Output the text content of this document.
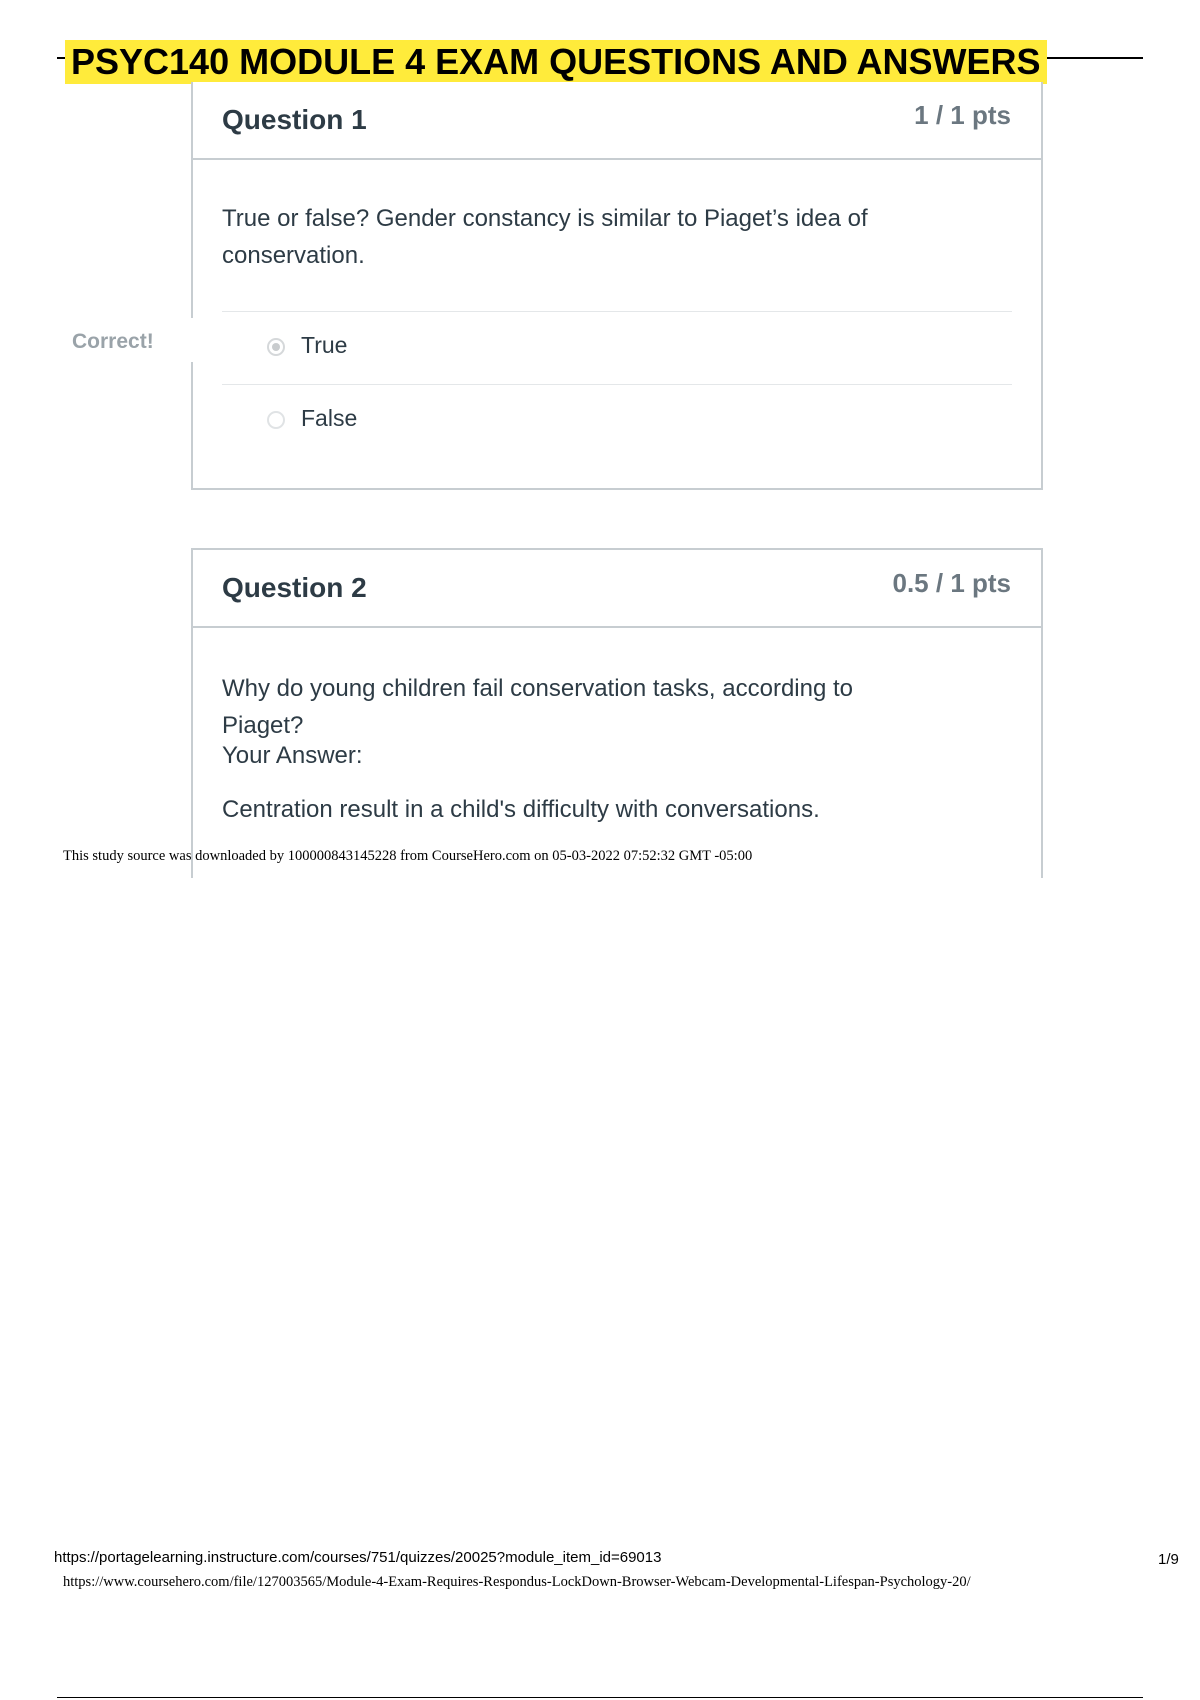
PSYC140 MODULE 4 EXAM QUESTIONS AND ANSWERS
Question 1	1 / 1 pts
True or false? Gender constancy is similar to Piaget’s idea of conservation.
True
False
Correct!
Question 2	0.5 / 1 pts
Why do young children fail conservation tasks, according to Piaget?
Your Answer:
Centration result in a child's difficulty with conversations.
This study source was downloaded by 100000843145228 from CourseHero.com on 05-03-2022 07:52:32 GMT -05:00
https://portagelearning.instructure.com/courses/751/quizzes/20025?module_item_id=69013	1/9
https://www.coursehero.com/file/127003565/Module-4-Exam-Requires-Respondus-LockDown-Browser-Webcam-Developmental-Lifespan-Psychology-20/
